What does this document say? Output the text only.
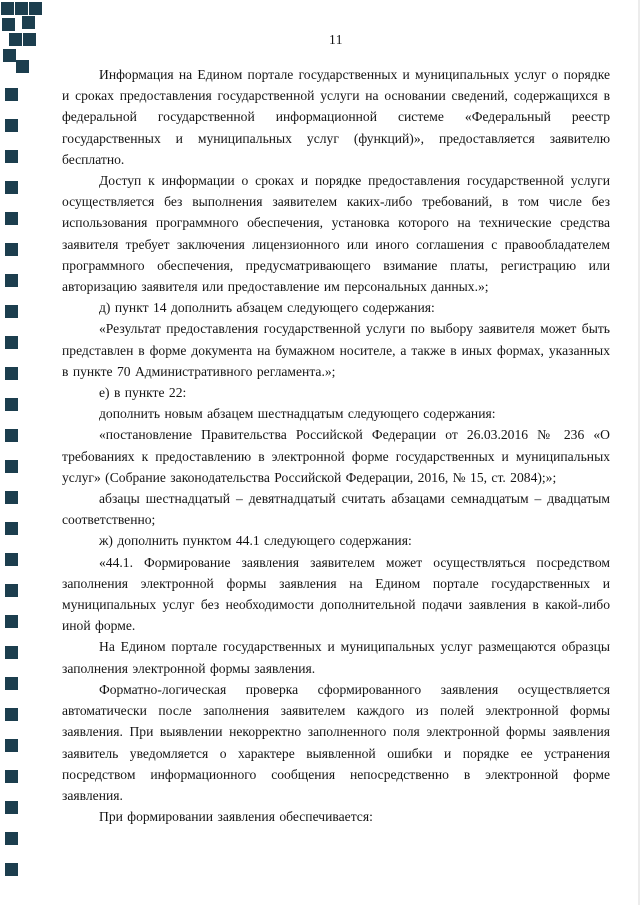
11

Информация на Едином портале государственных и муниципальных услуг о порядке и сроках предоставления государственной услуги на основании сведений, содержащихся в федеральной государственной информационной системе «Федеральный реестр государственных и муниципальных услуг (функций)», предоставляется заявителю бесплатно.

Доступ к информации о сроках и порядке предоставления государственной услуги осуществляется без выполнения заявителем каких-либо требований, в том числе без использования программного обеспечения, установка которого на технические средства заявителя требует заключения лицензионного или иного соглашения с правообладателем программного обеспечения, предусматривающего взимание платы, регистрацию или авторизацию заявителя или предоставление им персональных данных.»;

д) пункт 14 дополнить абзацем следующего содержания:

«Результат предоставления государственной услуги по выбору заявителя может быть представлен в форме документа на бумажном носителе, а также в иных формах, указанных в пункте 70 Административного регламента.»;

е) в пункте 22:

дополнить новым абзацем шестнадцатым следующего содержания:

«постановление Правительства Российской Федерации от 26.03.2016 № 236 «О требованиях к предоставлению в электронной форме государственных и муниципальных услуг» (Собрание законодательства Российской Федерации, 2016, № 15, ст. 2084);»;

абзацы шестнадцатый – девятнадцатый считать абзацами семнадцатым – двадцатым соответственно;

ж) дополнить пунктом 44.1 следующего содержания:

«44.1. Формирование заявления заявителем может осуществляться посредством заполнения электронной формы заявления на Едином портале государственных и муниципальных услуг без необходимости дополнительной подачи заявления в какой-либо иной форме.

На Едином портале государственных и муниципальных услуг размещаются образцы заполнения электронной формы заявления.

Форматно-логическая проверка сформированного заявления осуществляется автоматически после заполнения заявителем каждого из полей электронной формы заявления. При выявлении некорректно заполненного поля электронной формы заявления заявитель уведомляется о характере выявленной ошибки и порядке ее устранения посредством информационного сообщения непосредственно в электронной форме заявления.

При формировании заявления обеспечивается:
